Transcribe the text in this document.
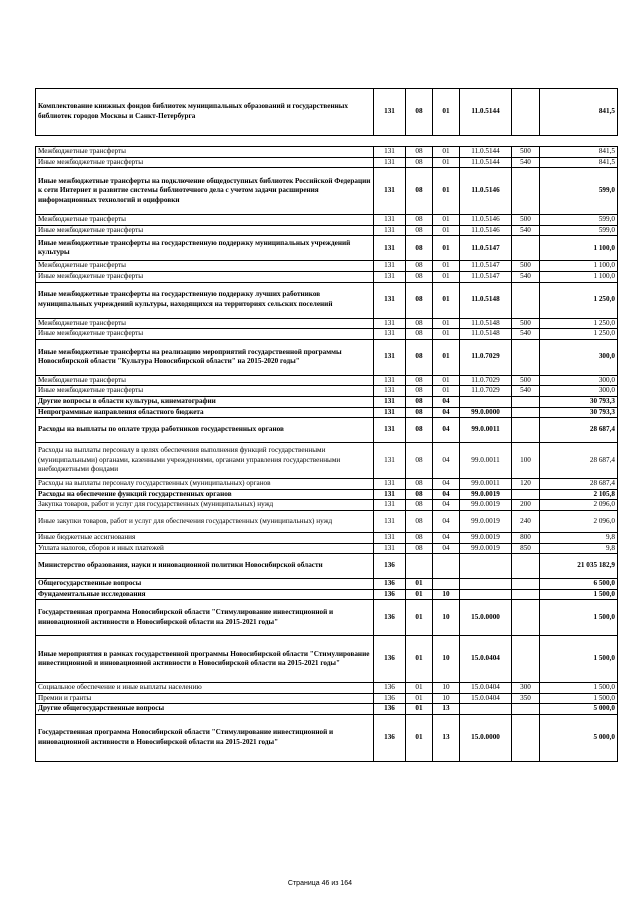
Комплектование книжных фондов библиотек муниципальных образований и государственных библиотек городов Москвы и Санкт-Петербурга	131	08	01	11.0.5144		841,5

Межбюджетные трансферты	131	08	01	11.0.5144	500	841,5
Иные межбюджетные трансферты	131	08	01	11.0.5144	540	841,5
Иные межбюджетные трансферты на подключение общедоступных библиотек Российской Федерации к сети Интернет и развитие системы библиотечного дела с учетом задачи расширения информационных технологий и оцифровки	131	08	01	11.0.5146		599,0
Межбюджетные трансферты	131	08	01	11.0.5146	500	599,0
Иные межбюджетные трансферты	131	08	01	11.0.5146	540	599,0
Иные межбюджетные трансферты на государственную поддержку муниципальных учреждений культуры	131	08	01	11.0.5147		1 100,0
Межбюджетные трансферты	131	08	01	11.0.5147	500	1 100,0
Иные межбюджетные трансферты	131	08	01	11.0.5147	540	1 100,0
Иные межбюджетные трансферты на государственную поддержку лучших работников муниципальных учреждений культуры, находящихся на территориях сельских поселений	131	08	01	11.0.5148		1 250,0
Межбюджетные трансферты	131	08	01	11.0.5148	500	1 250,0
Иные межбюджетные трансферты	131	08	01	11.0.5148	540	1 250,0
Иные межбюджетные трансферты на реализацию мероприятий государственной программы Новосибирской области "Культура Новосибирской области" на 2015-2020 годы"	131	08	01	11.0.7029		300,0
Межбюджетные трансферты	131	08	01	11.0.7029	500	300,0
Иные межбюджетные трансферты	131	08	01	11.0.7029	540	300,0
Другие вопросы в области культуры, кинематографии	131	08	04			30 793,3
Непрограммные направления областного бюджета	131	08	04	99.0.0000		30 793,3
Расходы на выплаты по оплате труда работников государственных органов	131	08	04	99.0.0011		28 687,4
Расходы на выплаты персоналу в целях обеспечения выполнения функций государственными (муниципальными) органами, казенными учреждениями, органами управления государственными внебюджетными фондами	131	08	04	99.0.0011	100	28 687,4
Расходы на выплаты персоналу государственных (муниципальных) органов	131	08	04	99.0.0011	120	28 687,4
Расходы на обеспечение функций государственных органов	131	08	04	99.0.0019		2 105,8
Закупка товаров, работ и услуг для государственных (муниципальных) нужд	131	08	04	99.0.0019	200	2 096,0
Иные закупки товаров, работ и услуг для обеспечения государственных (муниципальных) нужд	131	08	04	99.0.0019	240	2 096,0
Иные бюджетные ассигнования	131	08	04	99.0.0019	800	9,8
Уплата налогов, сборов и иных платежей	131	08	04	99.0.0019	850	9,8
Министерство образования, науки и инновационной политики Новосибирской области	136					21 035 182,9
Общегосударственные вопросы	136	01				6 500,0
Фундаментальные исследования	136	01	10			1 500,0
Государственная программа Новосибирской области "Стимулирование инвестиционной и инновационной активности в Новосибирской области на 2015-2021 годы"	136	01	10	15.0.0000		1 500,0
Иные мероприятия в рамках государственной программы Новосибирской области "Стимулирование инвестиционной и инновационной активности в Новосибирской области на 2015-2021 годы"	136	01	10	15.0.0404		1 500,0
Социальное обеспечение и иные выплаты населению	136	01	10	15.0.0404	300	1 500,0
Премии и гранты	136	01	10	15.0.0404	350	1 500,0
Другие общегосударственные вопросы	136	01	13			5 000,0
Государственная программа Новосибирской области "Стимулирование инвестиционной и инновационной активности в Новосибирской области на 2015-2021 годы"	136	01	13	15.0.0000		5 000,0
Страница 46 из 164
